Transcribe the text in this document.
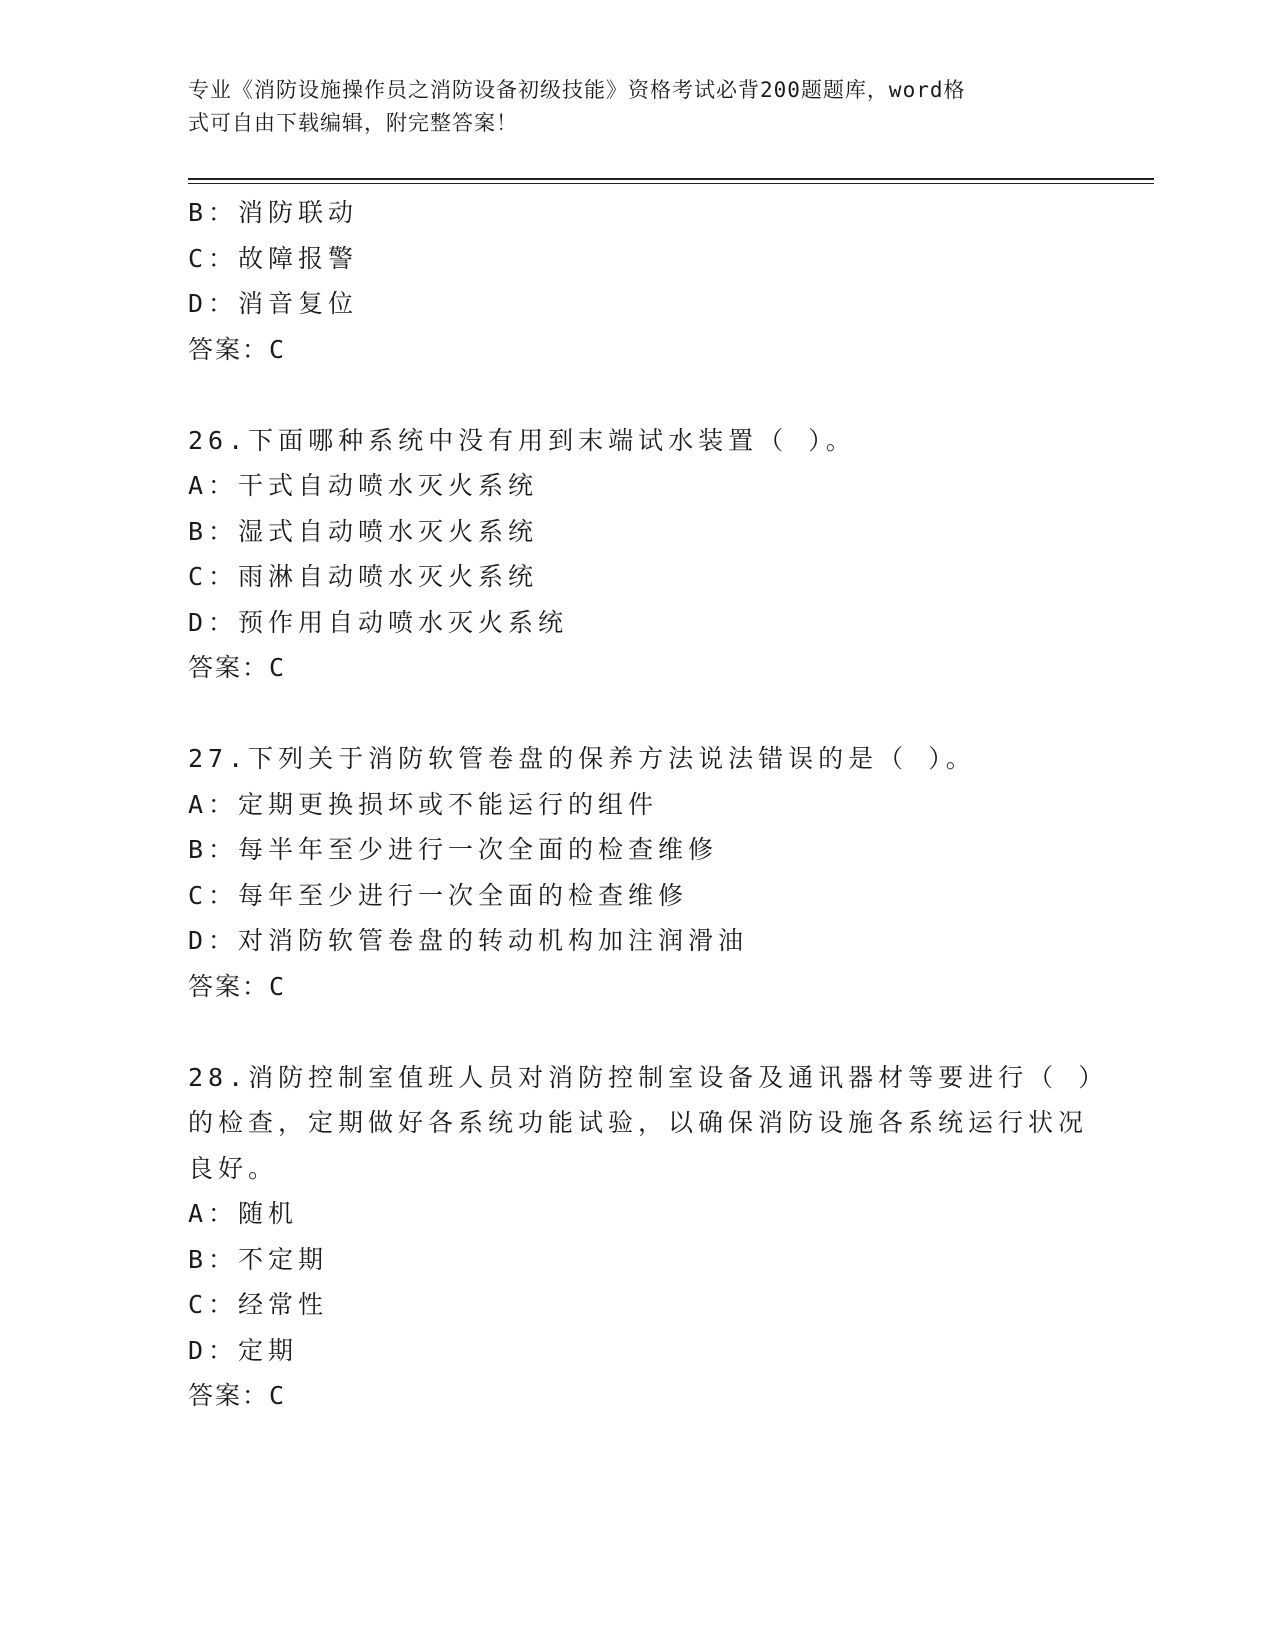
专业《消防设施操作员之消防设备初级技能》资格考试必背200题题库，word格
式可自由下载编辑，附完整答案！
B：消防联动
C：故障报警
D：消音复位
答案：C
26.下面哪种系统中没有用到末端试水装置（ ）。
A：干式自动喷水灭火系统
B：湿式自动喷水灭火系统
C：雨淋自动喷水灭火系统
D：预作用自动喷水灭火系统
答案：C
27.下列关于消防软管卷盘的保养方法说法错误的是（ ）。
A：定期更换损坏或不能运行的组件
B：每半年至少进行一次全面的检查维修
C：每年至少进行一次全面的检查维修
D：对消防软管卷盘的转动机构加注润滑油
答案：C
28.消防控制室值班人员对消防控制室设备及通讯器材等要进行（ ）
的检查，定期做好各系统功能试验，以确保消防设施各系统运行状况
良好。
A：随机
B：不定期
C：经常性
D：定期
答案：C
